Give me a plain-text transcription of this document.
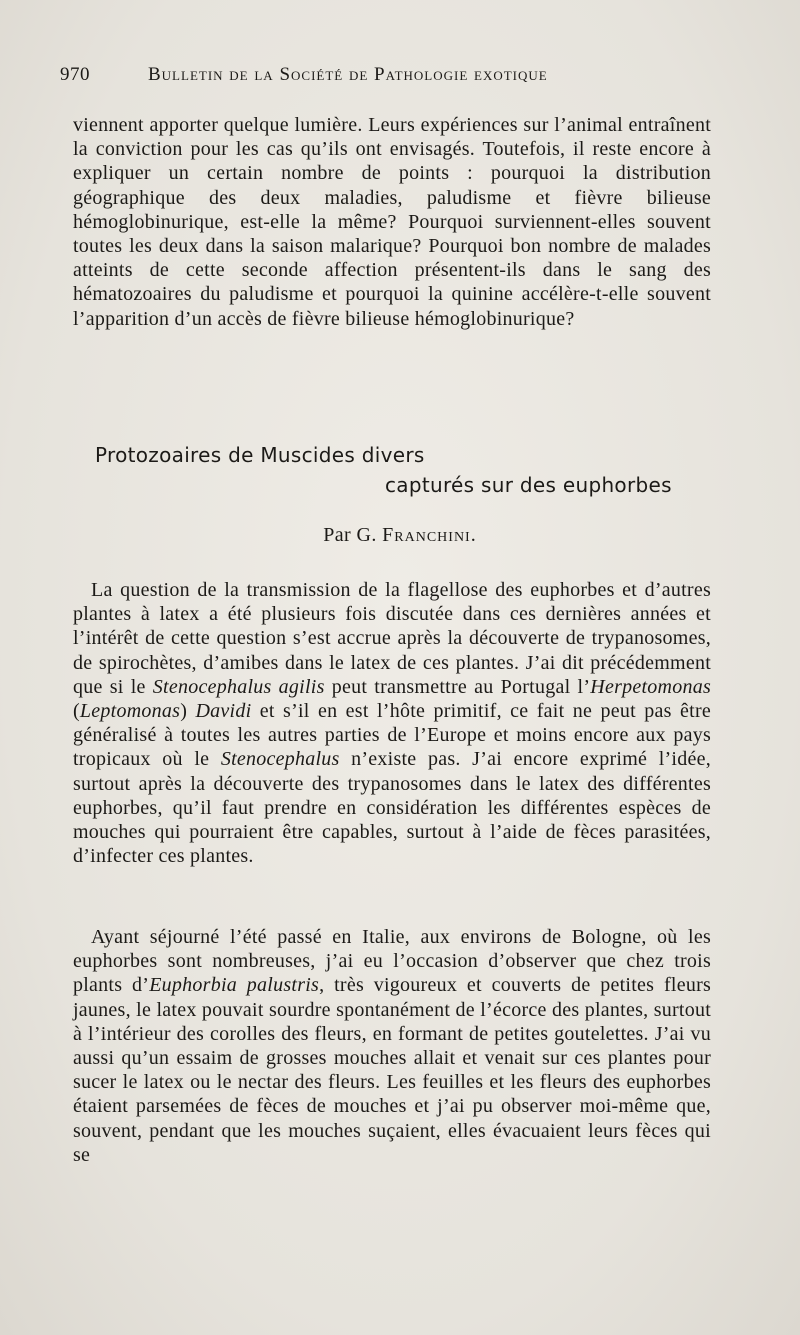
970	Bulletin de la Société de Pathologie exotique

viennent apporter quelque lumière. Leurs expériences sur l’animal entraînent la conviction pour les cas qu’ils ont envisagés. Toutefois, il reste encore à expliquer un certain nombre de points : pourquoi la distribution géographique des deux maladies, paludisme et fièvre bilieuse hémoglobinurique, est-elle la même? Pourquoi surviennent-elles souvent toutes les deux dans la saison malarique? Pourquoi bon nombre de malades atteints de cette seconde affection présentent-ils dans le sang des hématozoaires du paludisme et pourquoi la quinine accélère-t-elle souvent l’apparition d’un accès de fièvre bilieuse hémoglobinurique?

Protozoaires de Muscides divers
capturés sur des euphorbes
Par G. Franchini.

La question de la transmission de la flagellose des euphorbes et d’autres plantes à latex a été plusieurs fois discutée dans ces dernières années et l’intérêt de cette question s’est accrue après la découverte de trypanosomes, de spirochètes, d’amibes dans le latex de ces plantes. J’ai dit précédemment que si le Stenocephalus agilis peut transmettre au Portugal l’Herpetomonas (Leptomonas) Davidi et s’il en est l’hôte primitif, ce fait ne peut pas être généralisé à toutes les autres parties de l’Europe et moins encore aux pays tropicaux où le Stenocephalus n’existe pas. J’ai encore exprimé l’idée, surtout après la découverte des trypanosomes dans le latex des différentes euphorbes, qu’il faut prendre en considération les différentes espèces de mouches qui pourraient être capables, surtout à l’aide de fèces parasitées, d’infecter ces plantes.

Ayant séjourné l’été passé en Italie, aux environs de Bologne, où les euphorbes sont nombreuses, j’ai eu l’occasion d’observer que chez trois plants d’Euphorbia palustris, très vigoureux et couverts de petites fleurs jaunes, le latex pouvait sourdre spontanément de l’écorce des plantes, surtout à l’intérieur des corolles des fleurs, en formant de petites goutelettes. J’ai vu aussi qu’un essaim de grosses mouches allait et venait sur ces plantes pour sucer le latex ou le nectar des fleurs. Les feuilles et les fleurs des euphorbes étaient parsemées de fèces de mouches et j’ai pu observer moi-même que, souvent, pendant que les mouches suçaient, elles évacuaient leurs fèces qui se
